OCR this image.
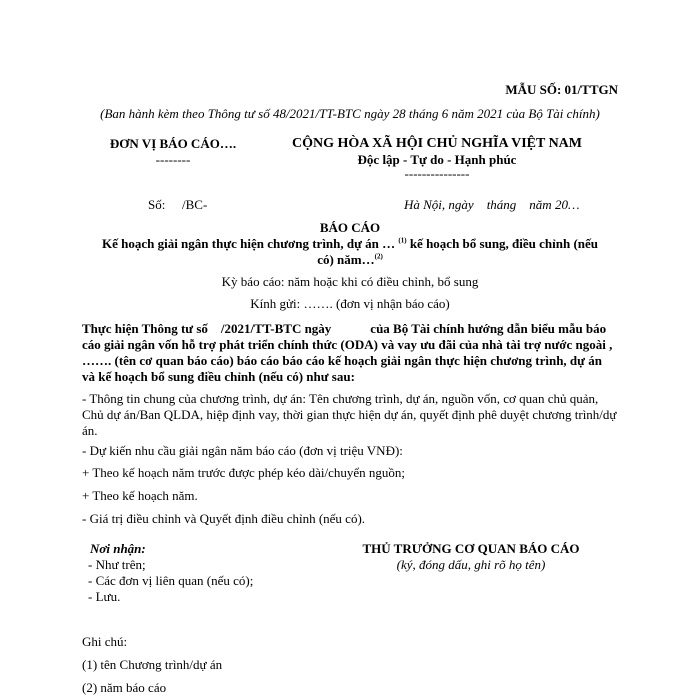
MẪU SỐ: 01/TTGN
(Ban hành kèm theo Thông tư số 48/2021/TT-BTC ngày 28 tháng 6 năm 2021 của Bộ Tài chính)
ĐƠN VỊ BÁO CÁO….
--------
CỘNG HÒA XÃ HỘI CHỦ NGHĨA VIỆT NAM
Độc lập - Tự do - Hạnh phúc
---------------
Số: /BC-	Hà Nội, ngày    tháng    năm 20…
BÁO CÁO
Kế hoạch giải ngân thực hiện chương trình, dự án … $^{(1)}$ kế hoạch bổ sung, điều chỉnh (nếu
có) năm…$^{(2)}$
Kỳ báo cáo: năm hoặc khi có điều chỉnh, bổ sung
Kính gửi: ……. (đơn vị nhận báo cáo)
Thực hiện Thông tư số    /2021/TT-BTC ngày            của Bộ Tài chính hướng dẫn biểu mẫu báo cáo giải ngân vốn hỗ trợ phát triển chính thức (ODA) và vay ưu đãi của nhà tài trợ nước ngoài , ……. (tên cơ quan báo cáo) báo cáo báo cáo kế hoạch giải ngân thực hiện chương trình, dự án và kế hoạch bổ sung điều chỉnh (nếu có) như sau:
- Thông tin chung của chương trình, dự án: Tên chương trình, dự án, nguồn vốn, cơ quan chủ quản, Chủ dự án/Ban QLDA, hiệp định vay, thời gian thực hiện dự án, quyết định phê duyệt chương trình/dự án.
- Dự kiến nhu cầu giải ngân năm báo cáo (đơn vị triệu VNĐ):
+ Theo kế hoạch năm trước được phép kéo dài/chuyển nguồn;
+ Theo kế hoạch năm.
- Giá trị điều chỉnh và Quyết định điều chỉnh (nếu có).
Nơi nhận:
- Như trên;
- Các đơn vị liên quan (nếu có);
- Lưu.
THỦ TRƯỞNG CƠ QUAN BÁO CÁO
(ký, đóng dấu, ghi rõ họ tên)
Ghi chú:
(1) tên Chương trình/dự án
(2) năm báo cáo
